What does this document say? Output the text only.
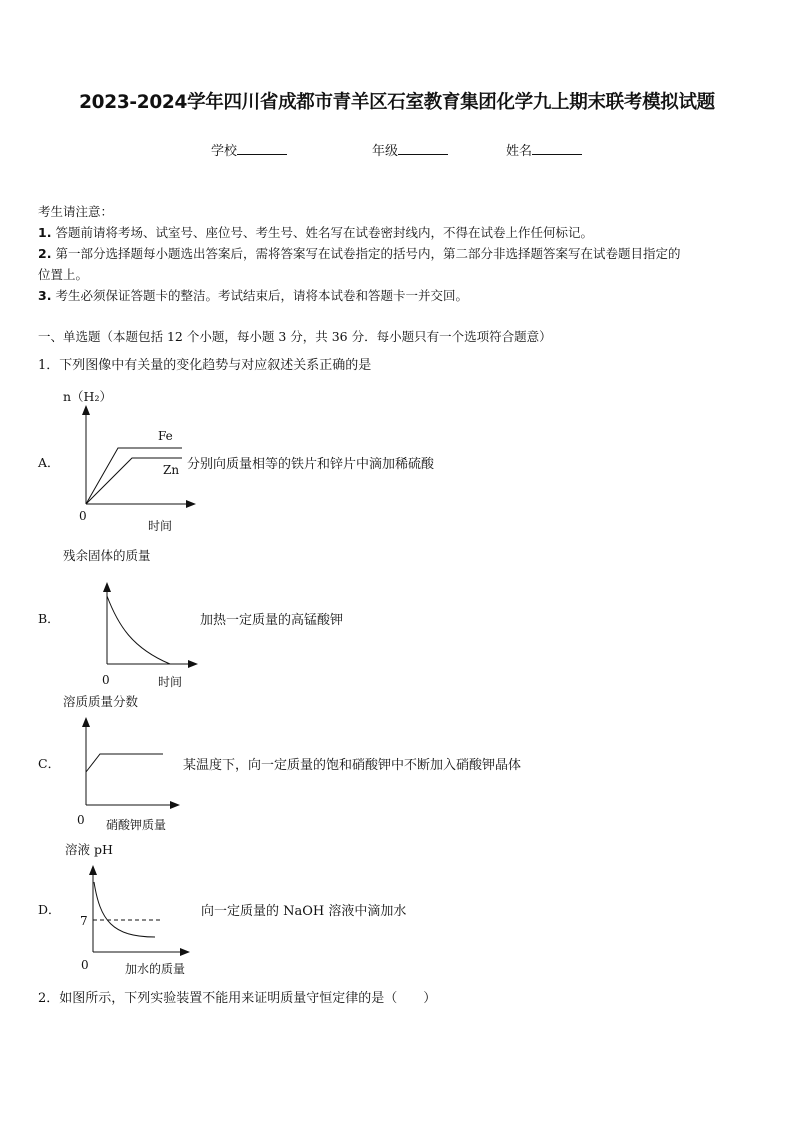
2023-2024学年四川省成都市青羊区石室教育集团化学九上期末联考模拟试题
学校	年级	姓名
考生请注意：
1. 答题前请将考场、试室号、座位号、考生号、姓名写在试卷密封线内，不得在试卷上作任何标记。
2. 第一部分选择题每小题选出答案后，需将答案写在试卷指定的括号内，第二部分非选择题答案写在试卷题目指定的
位置上。
3. 考生必须保证答题卡的整洁。考试结束后，请将本试卷和答题卡一并交回。
一、单选题（本题包括 12 个小题，每小题 3 分，共 36 分．每小题只有一个选项符合题意）
1．下列图像中有关量的变化趋势与对应叙述关系正确的是
n（H₂）
A．
Fe
Zn
0
时间
分别向质量相等的铁片和锌片中滴加稀硫酸
残余固体的质量
B．
0	时间
加热一定质量的高锰酸钾
溶质质量分数
C．
0 硝酸钾质量
某温度下，向一定质量的饱和硝酸钾中不断加入硝酸钾晶体
溶液 pH
D．
7
0	加水的质量
向一定质量的 NaOH 溶液中滴加水
2．如图所示，下列实验装置不能用来证明质量守恒定律的是（　　）
